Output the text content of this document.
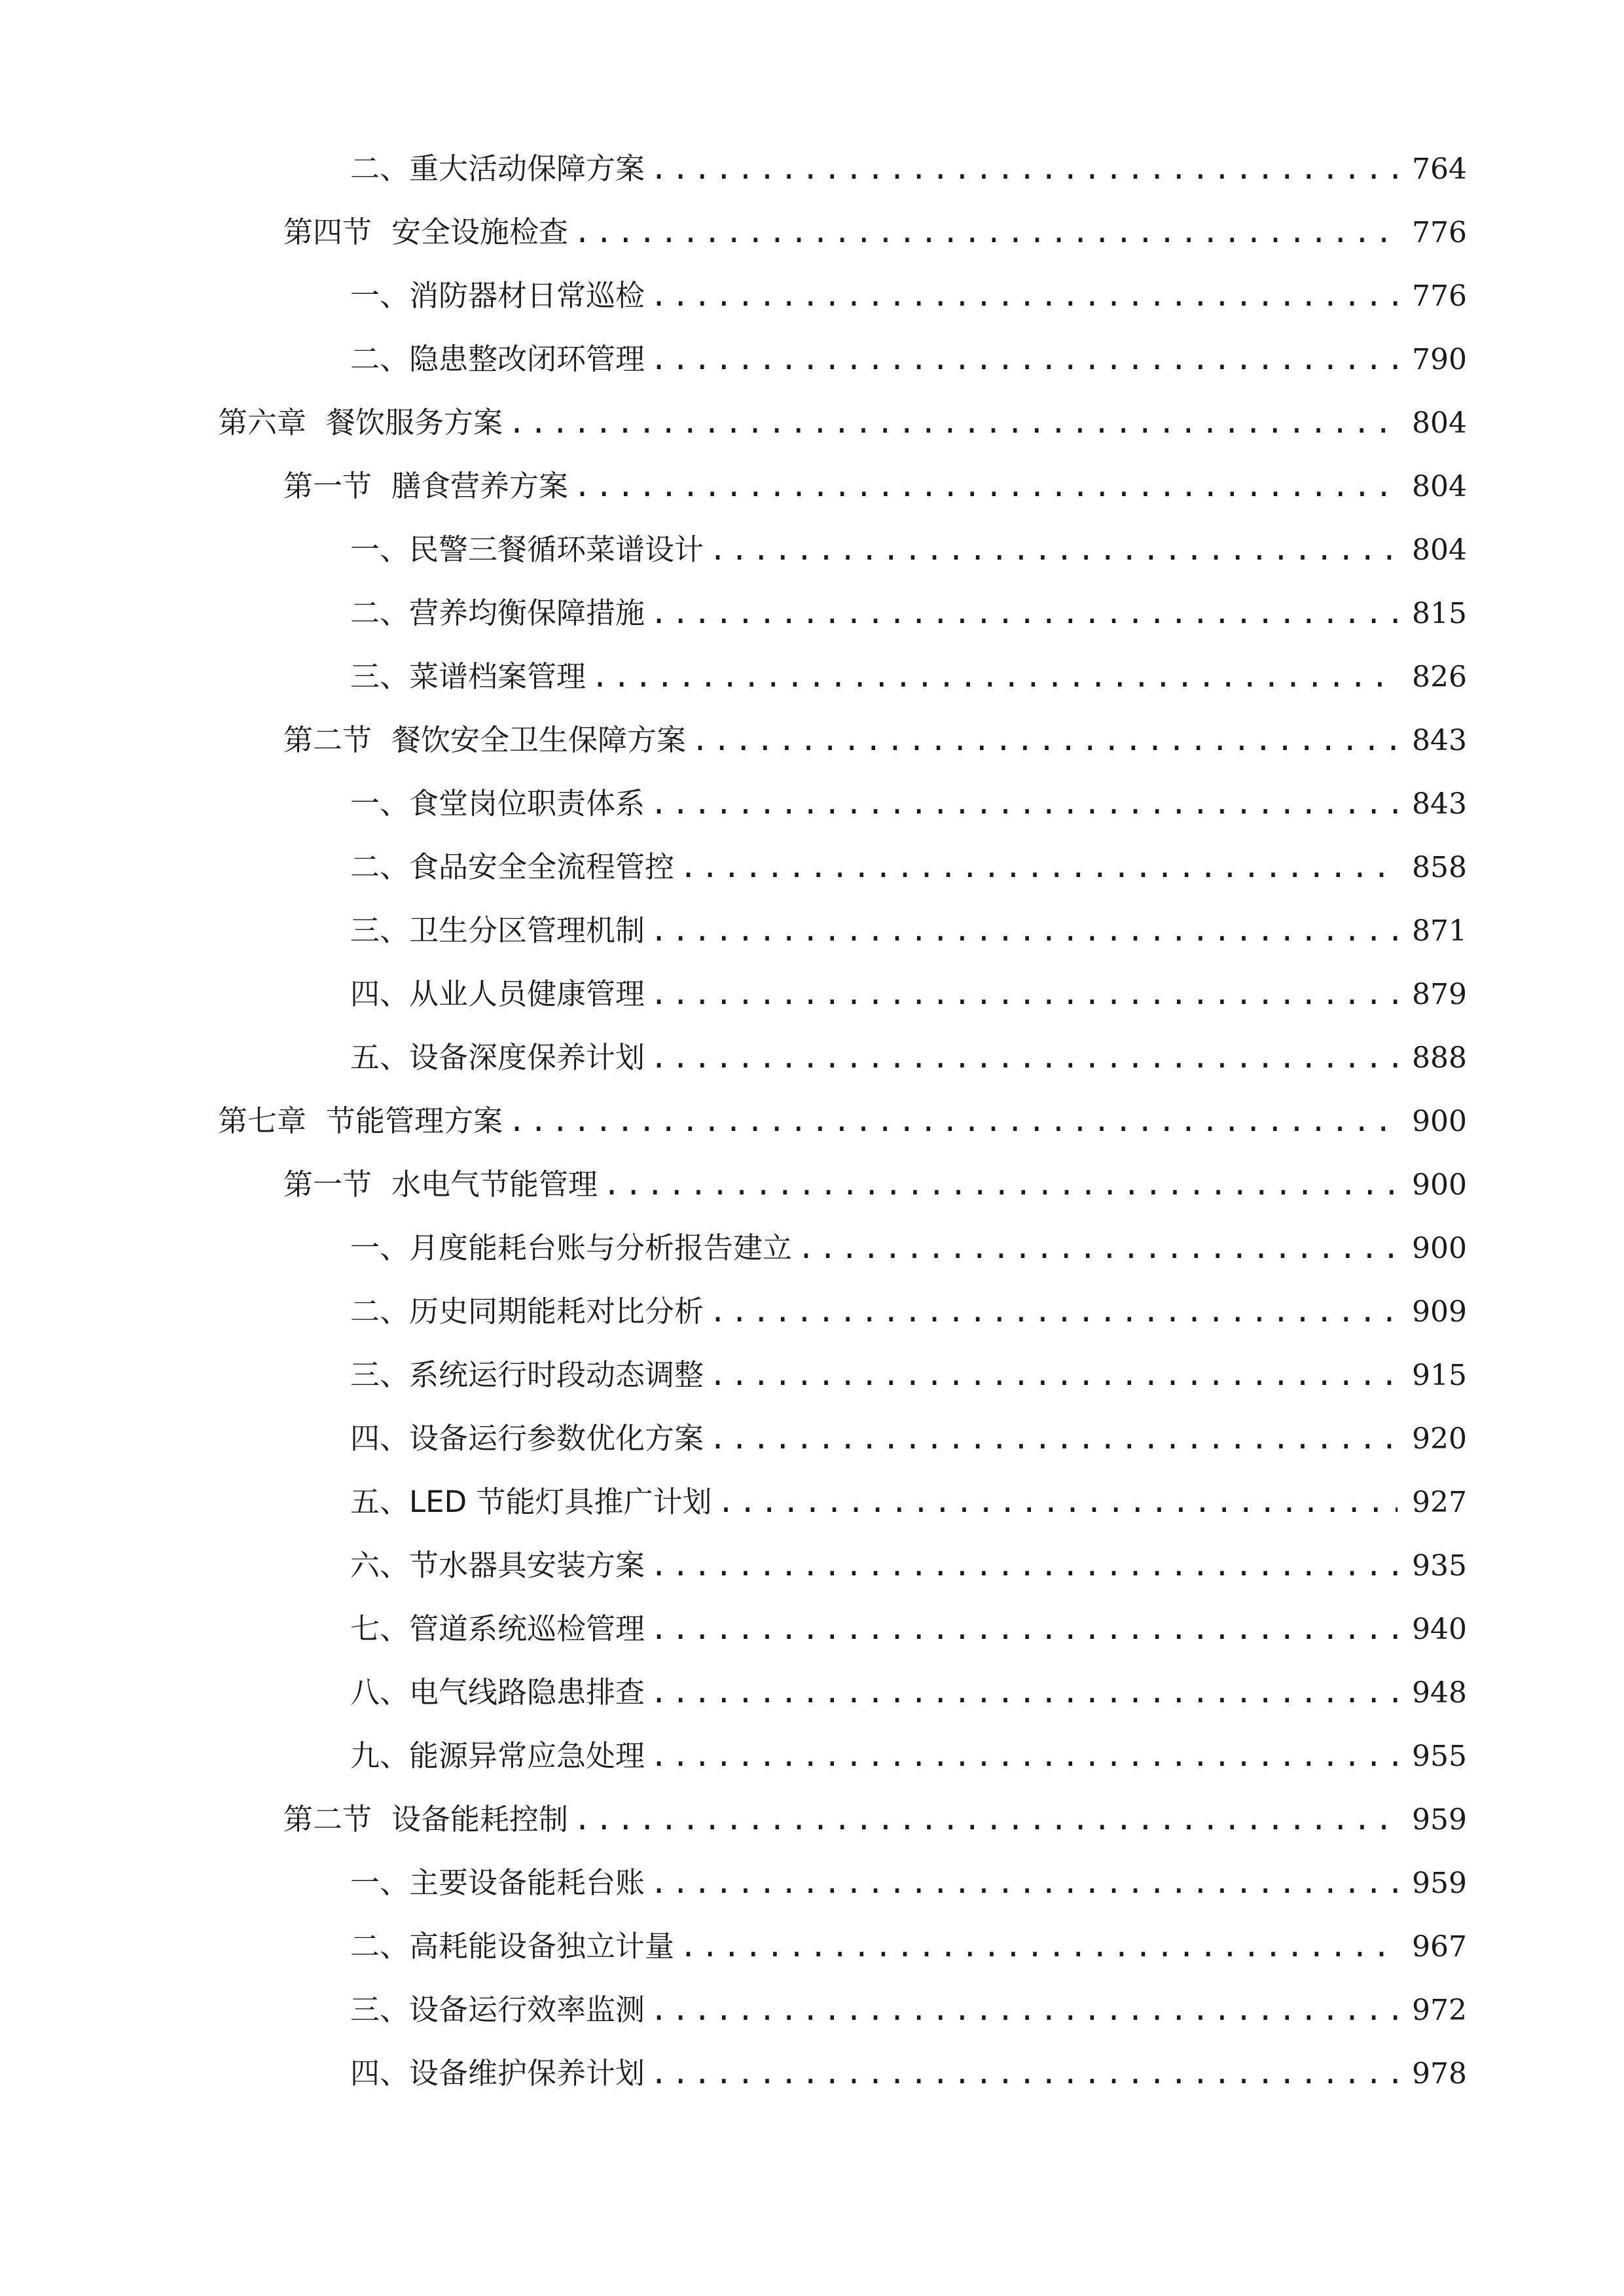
二、 重大活动保障方案 .....	764
第四节 安全设施检查 .....	776
一、 消防器材日常巡检 .....	776
二、 隐患整改闭环管理 .....	790
第六章 餐饮服务方案 .....	804
第一节 膳食营养方案 .....	804
一、 民警三餐循环菜谱设计 .....	804
二、 营养均衡保障措施 .....	815
三、 菜谱档案管理 .....	826
第二节 餐饮安全卫生保障方案 .....	843
一、 食堂岗位职责体系 .....	843
二、 食品安全全流程管控 .....	858
三、 卫生分区管理机制 .....	871
四、 从业人员健康管理 .....	879
五、 设备深度保养计划 .....	888
第七章 节能管理方案 .....	900
第一节 水电气节能管理 .....	900
一、 月度能耗台账与分析报告建立 .....	900
二、 历史同期能耗对比分析 .....	909
三、 系统运行时段动态调整 .....	915
四、 设备运行参数优化方案 .....	920
五、 LED 节能灯具推广计划 .....	927
六、 节水器具安装方案 .....	935
七、 管道系统巡检管理 .....	940
八、 电气线路隐患排查 .....	948
九、 能源异常应急处理 .....	955
第二节 设备能耗控制 .....	959
一、 主要设备能耗台账 .....	959
二、 高耗能设备独立计量 .....	967
三、 设备运行效率监测 .....	972
四、 设备维护保养计划 .....	978
